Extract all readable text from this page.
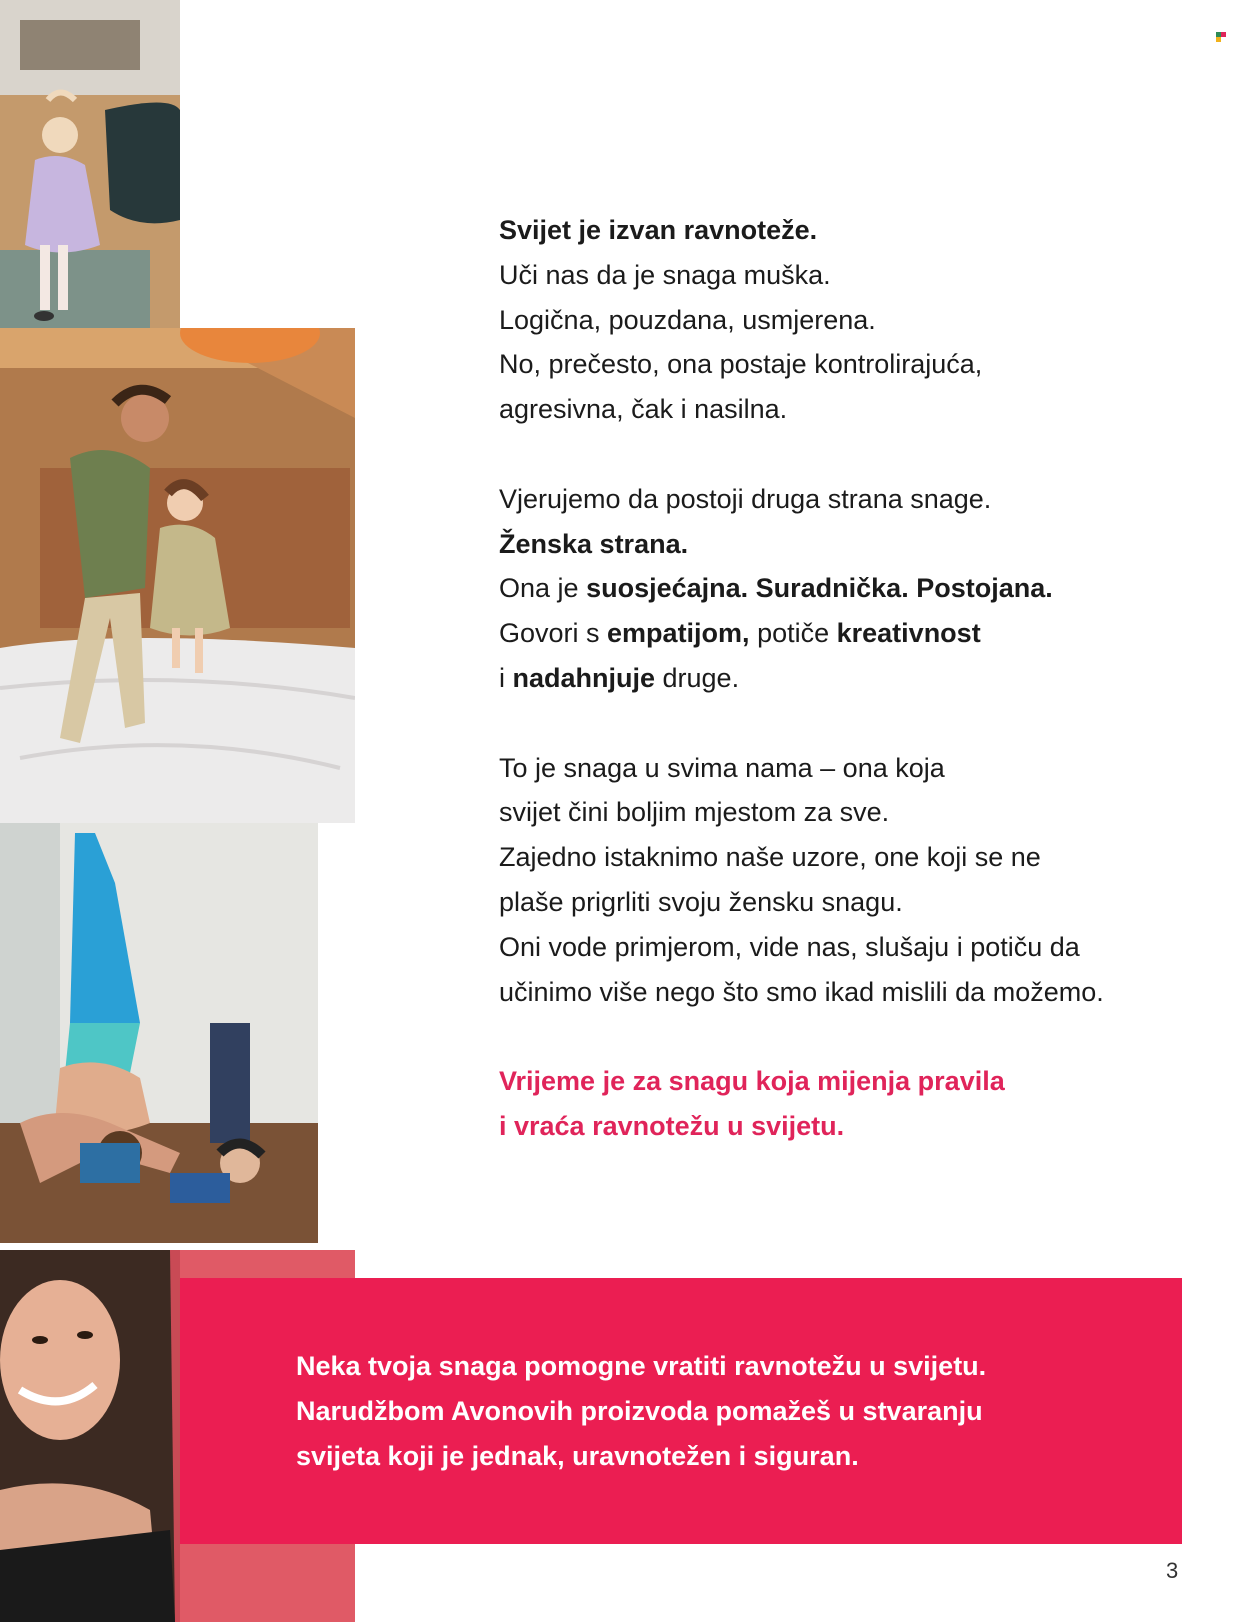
Svijet je izvan ravnoteže.
Uči nas da je snaga muška.
Logična, pouzdana, usmjerena.
No, prečesto, ona postaje kontrolirajuća,
agresivna, čak i nasilna.

Vjerujemo da postoji druga strana snage.
Ženska strana.
Ona je suosjećajna. Suradnička. Postojana.
Govori s empatijom, potiče kreativnost
i nadahnjuje druge.

To je snaga u svima nama – ona koja
svijet čini boljim mjestom za sve.
Zajedno istaknimo naše uzore, one koji se ne
plaše prigrliti svoju žensku snagu.
Oni vode primjerom, vide nas, slušaju i potiču da
učinimo više nego što smo ikad mislili da možemo.

Vrijeme je za snagu koja mijenja pravila
i vraća ravnotežu u svijetu.

Neka tvoja snaga pomogne vratiti ravnotežu u svijetu.
Narudžbom Avonovih proizvoda pomažeš u stvaranju
svijeta koji je jednak, uravnotežen i siguran.
3
